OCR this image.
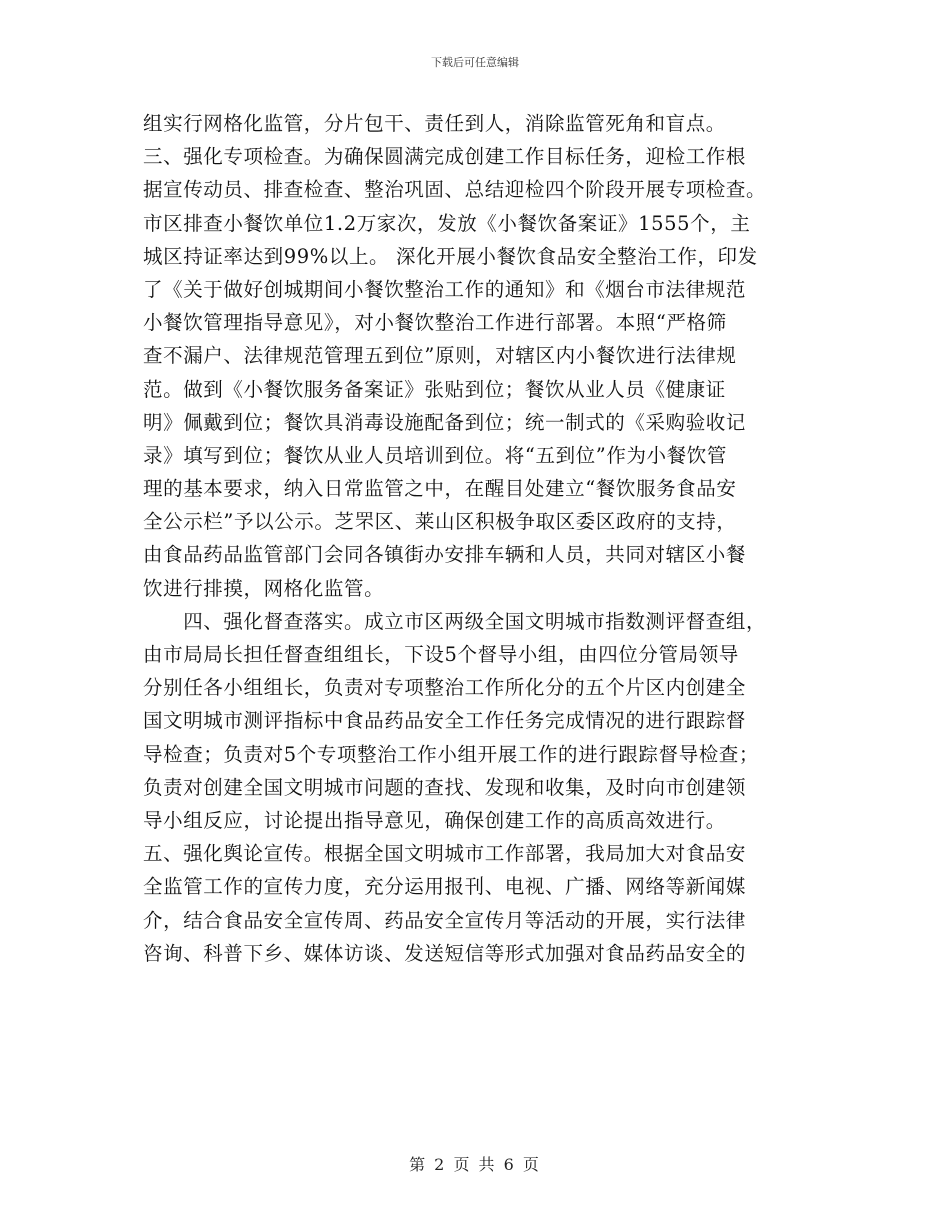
下载后可任意编辑
组实行网格化监管，分片包干、责任到人，消除监管死角和盲点。
三、强化专项检查。为确保圆满完成创建工作目标任务，迎检工作根
据宣传动员、排查检查、整治巩固、总结迎检四个阶段开展专项检查。
市区排查小餐饮单位1.2万家次，发放《小餐饮备案证》1555个，主
城区持证率达到99%以上。 深化开展小餐饮食品安全整治工作，印发
了《关于做好创城期间小餐饮整治工作的通知》和《烟台市法律规范
小餐饮管理指导意见》，对小餐饮整治工作进行部署。本照“严格筛
查不漏户、法律规范管理五到位”原则，对辖区内小餐饮进行法律规
范。做到《小餐饮服务备案证》张贴到位；餐饮从业人员《健康证
明》佩戴到位；餐饮具消毒设施配备到位；统一制式的《采购验收记
录》填写到位；餐饮从业人员培训到位。将“五到位”作为小餐饮管
理的基本要求，纳入日常监管之中，在醒目处建立“餐饮服务食品安
全公示栏”予以公示。芝罘区、莱山区积极争取区委区政府的支持，
由食品药品监管部门会同各镇街办安排车辆和人员，共同对辖区小餐
饮进行排摸，网格化监管。
　　四、强化督查落实。成立市区两级全国文明城市指数测评督查组，
由市局局长担任督查组组长，下设5个督导小组，由四位分管局领导
分别任各小组组长，负责对专项整治工作所化分的五个片区内创建全
国文明城市测评指标中食品药品安全工作任务完成情况的进行跟踪督
导检查；负责对5个专项整治工作小组开展工作的进行跟踪督导检查；
负责对创建全国文明城市问题的查找、发现和收集，及时向市创建领
导小组反应，讨论提出指导意见，确保创建工作的高质高效进行。
五、强化舆论宣传。根据全国文明城市工作部署，我局加大对食品安
全监管工作的宣传力度，充分运用报刊、电视、广播、网络等新闻媒
介，结合食品安全宣传周、药品安全宣传月等活动的开展，实行法律
咨询、科普下乡、媒体访谈、发送短信等形式加强对食品药品安全的
第 2 页 共 6 页
